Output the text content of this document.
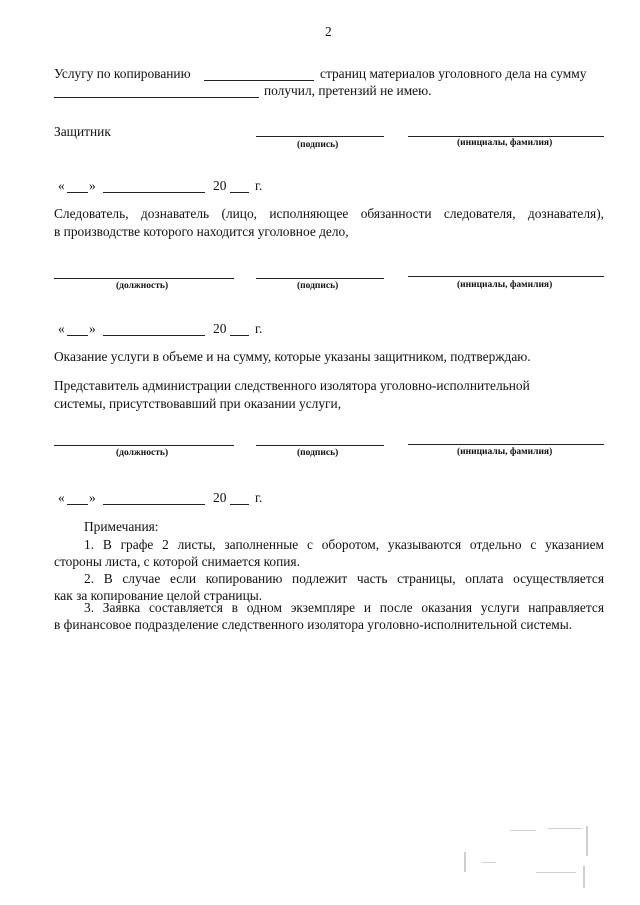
2
Услугу по копированию	страниц материалов уголовного дела на сумму
получил, претензий не имею.
Защитник
(подпись)	(инициалы, фамилия)
« »	20 г.
Следователь, дознаватель (лицо, исполняющее обязанности следователя, дознавателя),
в производстве которого находится уголовное дело,
(должность)	(подпись)	(инициалы, фамилия)
« »	20 г.
Оказание услуги в объеме и на сумму, которые указаны защитником, подтверждаю.
Представитель администрации следственного изолятора уголовно-исполнительной
системы, присутствовавший при оказании услуги,
(должность)	(подпись)	(инициалы, фамилия)
« »	20 г.
Примечания:
1. В графе 2 листы, заполненные с оборотом, указываются отдельно с указанием
стороны листа, с которой снимается копия.
2. В случае если копированию подлежит часть страницы, оплата осуществляется
как за копирование целой страницы.
3. Заявка составляется в одном экземпляре и после оказания услуги направляется
в финансовое подразделение следственного изолятора уголовно-исполнительной системы.
